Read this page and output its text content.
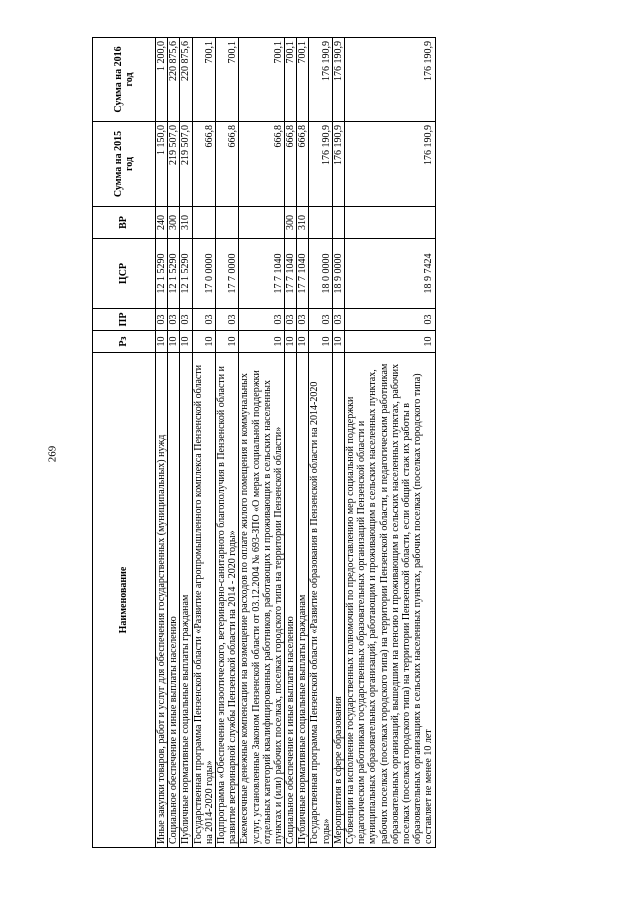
269
Наименование	Рз	ПР	ЦСР	ВР	Сумма на 2015 год	Сумма на 2016 год
Иные закупки товаров, работ и услуг для обеспечения государственных (муниципальных) нужд	10	03	12 1 5290	240	1 150,0	1 200,0
Социальное обеспечение и иные выплаты населению	10	03	12 1 5290	300	219 507,0	220 875,6
Публичные нормативные социальные выплаты гражданам	10	03	12 1 5290	310	219 507,0	220 875,6
Государственная программа Пензенской области «Развитие агропромышленного комплекса Пензенской области на 2014-2020 годы»	10	03	17 0 0000		666,8	700,1
Подпрограмма «Обеспечение эпизоотического, ветеринарно-санитарного благополучия в Пензенской области и развитие ветеринарной службы Пензенской области на 2014 - 2020 годы»	10	03	17 7 0000		666,8	700,1
Ежемесячные денежные компенсации на возмещение расходов по оплате жилого помещения и коммунальных услуг, установленные Законом Пензенской области от 03.12.2004 № 693-ЗПО «О мерах социальной поддержки отдельных категорий квалифицированных работников, работающих и проживающих в сельских населенных пунктах и (или) рабочих поселках, поселках городского типа на территории Пензенской области»	10	03	17 7 1040		666,8	700,1
Социальное обеспечение и иные выплаты населению	10	03	17 7 1040	300	666,8	700,1
Публичные нормативные социальные выплаты гражданам	10	03	17 7 1040	310	666,8	700,1
Государственная программа Пензенской области «Развитие образования в Пензенской области на 2014-2020 годы»	10	03	18 0 0000		176 190,9	176 190,9
Мероприятия в сфере образования	10	03	18 9 0000		176 190,9	176 190,9
Субвенции на исполнение государственных полномочий по предоставлению мер социальной поддержки педагогическим работникам государственных образовательных организаций Пензенской области и муниципальных образовательных организаций, работающим и проживающим в сельских населенных пунктах, рабочих поселках (поселках городского типа) на территории Пензенской области, и педагогическим работникам образовательных организаций, вышедшим на пенсию и проживающим в сельских населенных пунктах, рабочих поселках (поселках городского типа) на территории Пензенской области, если общий стаж их работы в образовательных организациях в сельских населенных пунктах, рабочих поселках (поселках городского типа) составляет не менее 10 лет	10	03	18 9 7424		176 190,9	176 190,9
